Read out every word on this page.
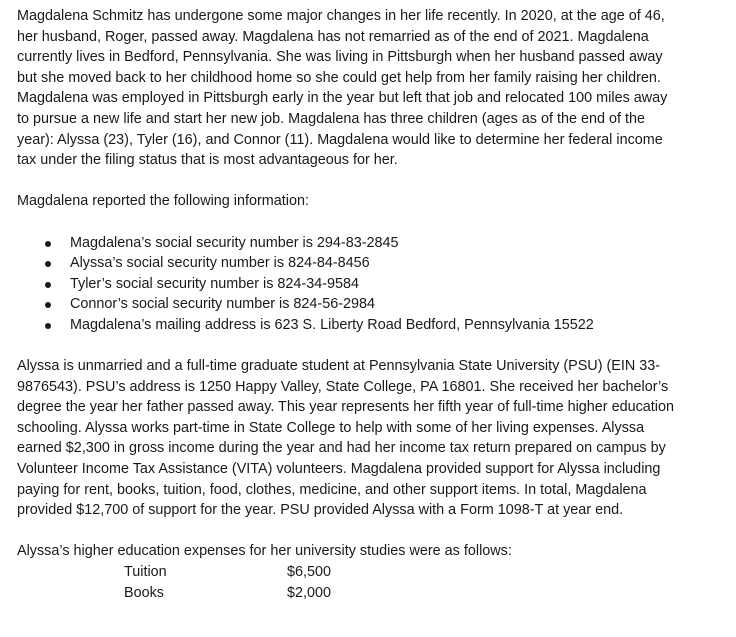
Magdalena Schmitz has undergone some major changes in her life recently. In 2020, at the age of 46,
her husband, Roger, passed away. Magdalena has not remarried as of the end of 2021. Magdalena
currently lives in Bedford, Pennsylvania. She was living in Pittsburgh when her husband passed away
but she moved back to her childhood home so she could get help from her family raising her children.
Magdalena was employed in Pittsburgh early in the year but left that job and relocated 100 miles away
to pursue a new life and start her new job. Magdalena has three children (ages as of the end of the
year): Alyssa (23), Tyler (16), and Connor (11). Magdalena would like to determine her federal income
tax under the filing status that is most advantageous for her.
Magdalena reported the following information:
Magdalena’s social security number is 294-83-2845
Alyssa’s social security number is 824-84-8456
Tyler’s social security number is 824-34-9584
Connor’s social security number is 824-56-2984
Magdalena’s mailing address is 623 S. Liberty Road Bedford, Pennsylvania 15522
Alyssa is unmarried and a full-time graduate student at Pennsylvania State University (PSU) (EIN 33-
9876543). PSU’s address is 1250 Happy Valley, State College, PA 16801. She received her bachelor’s
degree the year her father passed away. This year represents her fifth year of full-time higher education
schooling. Alyssa works part-time in State College to help with some of her living expenses. Alyssa
earned $2,300 in gross income during the year and had her income tax return prepared on campus by
Volunteer Income Tax Assistance (VITA) volunteers. Magdalena provided support for Alyssa including
paying for rent, books, tuition, food, clothes, medicine, and other support items. In total, Magdalena
provided $12,700 of support for the year. PSU provided Alyssa with a Form 1098-T at year end.
Alyssa’s higher education expenses for her university studies were as follows:
Tuition	$6,500
Books	$2,000
